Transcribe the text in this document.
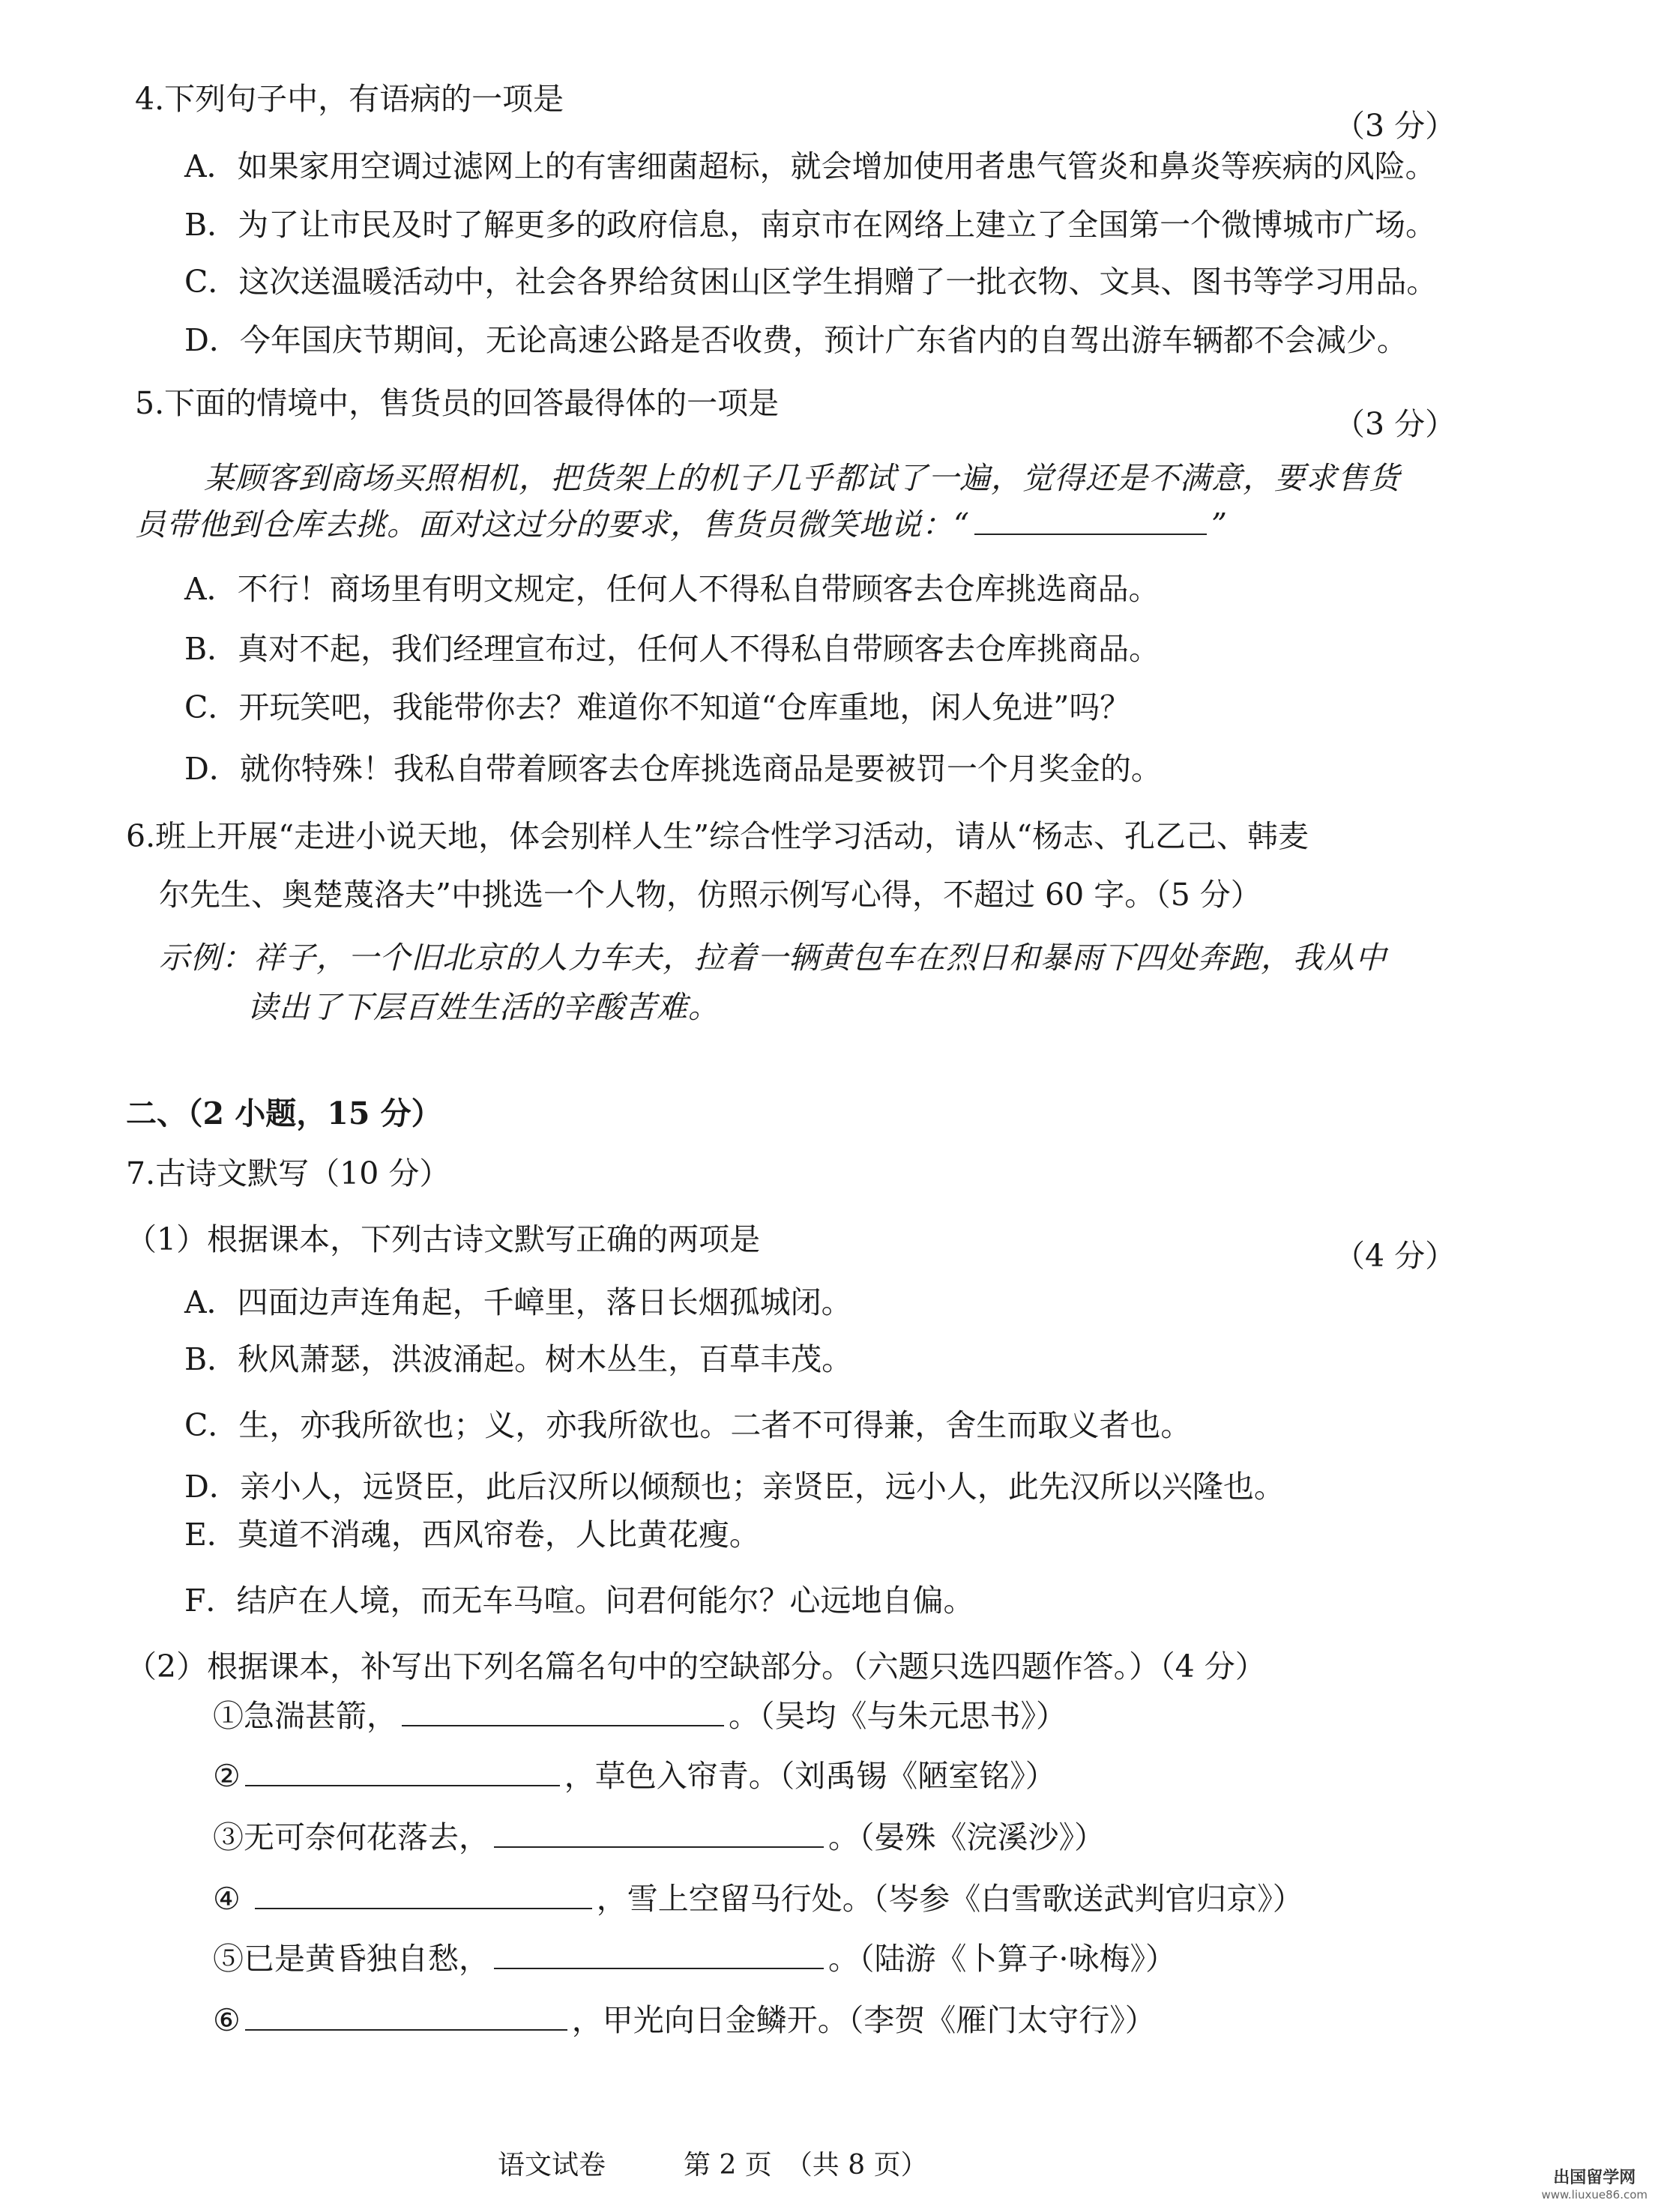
4.下列句子中，有语病的一项是
（3 分）
A．如果家用空调过滤网上的有害细菌超标，就会增加使用者患气管炎和鼻炎等疾病的风险。
B．为了让市民及时了解更多的政府信息，南京市在网络上建立了全国第一个微博城市广场。
C．这次送温暖活动中，社会各界给贫困山区学生捐赠了一批衣物、文具、图书等学习用品。
D．今年国庆节期间，无论高速公路是否收费，预计广东省内的自驾出游车辆都不会减少。
5.下面的情境中，售货员的回答最得体的一项是
（3 分）
某顾客到商场买照相机，把货架上的机子几乎都试了一遍，觉得还是不满意，要求售货
员带他到仓库去挑。面对这过分的要求，售货员微笑地说：“	”
A．不行！商场里有明文规定，任何人不得私自带顾客去仓库挑选商品。
B．真对不起，我们经理宣布过，任何人不得私自带顾客去仓库挑商品。
C．开玩笑吧，我能带你去？难道你不知道“仓库重地，闲人免进”吗？
D．就你特殊！我私自带着顾客去仓库挑选商品是要被罚一个月奖金的。
6.班上开展“走进小说天地，体会别样人生”综合性学习活动，请从“杨志、孔乙己、韩麦
尔先生、奥楚蔑洛夫”中挑选一个人物，仿照示例写心得，不超过 60 字。（5 分）
示例：祥子，一个旧北京的人力车夫，拉着一辆黄包车在烈日和暴雨下四处奔跑，我从中
读出了下层百姓生活的辛酸苦难。
二、（2 小题，15 分）
7.古诗文默写（10 分）
（1）根据课本，下列古诗文默写正确的两项是	（4 分）
A．四面边声连角起，千嶂里，落日长烟孤城闭。
B．秋风萧瑟，洪波涌起。树木丛生，百草丰茂。
C．生，亦我所欲也；义，亦我所欲也。二者不可得兼，舍生而取义者也。
D．亲小人，远贤臣，此后汉所以倾颓也；亲贤臣，远小人，此先汉所以兴隆也。
E．莫道不消魂，西风帘卷，人比黄花瘦。
F．结庐在人境，而无车马喧。问君何能尔？心远地自偏。
（2）根据课本，补写出下列名篇名句中的空缺部分。（六题只选四题作答。）（4 分）
①急湍甚箭，	。（吴均《与朱元思书》）
②	，草色入帘青。（刘禹锡《陋室铭》）
③无可奈何花落去，	。（晏殊《浣溪沙》）
④	，雪上空留马行处。（岑参《白雪歌送武判官归京》）
⑤已是黄昏独自愁，	。（陆游《卜算子·咏梅》）
⑥	，甲光向日金鳞开。（李贺《雁门太守行》）
语文试卷	第 2 页　（共 8 页）	出国留学网
www.liuxue86.com
